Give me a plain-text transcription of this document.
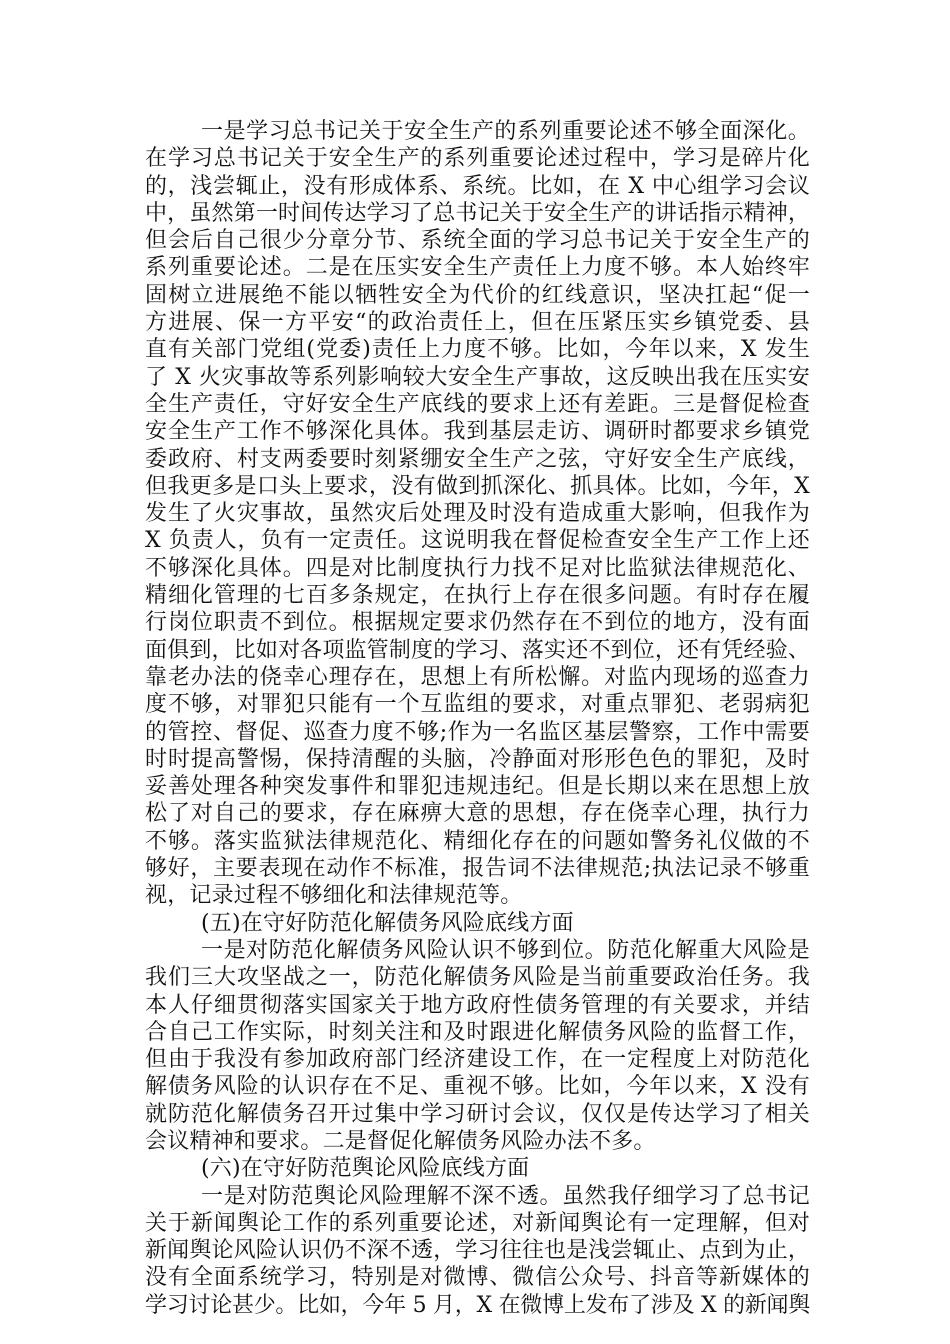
一是学习总书记关于安全生产的系列重要论述不够全面深化。
在学习总书记关于安全生产的系列重要论述过程中，学习是碎片化
的，浅尝辄止，没有形成体系、系统。比如，在 X 中心组学习会议
中，虽然第一时间传达学习了总书记关于安全生产的讲话指示精神，
但会后自己很少分章分节、系统全面的学习总书记关于安全生产的
系列重要论述。二是在压实安全生产责任上力度不够。本人始终牢
固树立进展绝不能以牺牲安全为代价的红线意识，坚决扛起“促一
方进展、保一方平安“的政治责任上，但在压紧压实乡镇党委、县
直有关部门党组(党委)责任上力度不够。比如，今年以来，X 发生
了 X 火灾事故等系列影响较大安全生产事故，这反映出我在压实安
全生产责任，守好安全生产底线的要求上还有差距。三是督促检查
安全生产工作不够深化具体。我到基层走访、调研时都要求乡镇党
委政府、村支两委要时刻紧绷安全生产之弦，守好安全生产底线，
但我更多是口头上要求，没有做到抓深化、抓具体。比如，今年，X
发生了火灾事故，虽然灾后处理及时没有造成重大影响，但我作为
X 负责人，负有一定责任。这说明我在督促检查安全生产工作上还
不够深化具体。四是对比制度执行力找不足对比监狱法律规范化、
精细化管理的七百多条规定，在执行上存在很多问题。有时存在履
行岗位职责不到位。根据规定要求仍然存在不到位的地方，没有面
面俱到，比如对各项监管制度的学习、落实还不到位，还有凭经验、
靠老办法的侥幸心理存在，思想上有所松懈。对监内现场的巡查力
度不够，对罪犯只能有一个互监组的要求，对重点罪犯、老弱病犯
的管控、督促、巡查力度不够;作为一名监区基层警察，工作中需要
时时提高警惕，保持清醒的头脑，冷静面对形形色色的罪犯，及时
妥善处理各种突发事件和罪犯违规违纪。但是长期以来在思想上放
松了对自己的要求，存在麻痹大意的思想，存在侥幸心理，执行力
不够。落实监狱法律规范化、精细化存在的问题如警务礼仪做的不
够好，主要表现在动作不标准，报告词不法律规范;执法记录不够重
视，记录过程不够细化和法律规范等。
(五)在守好防范化解债务风险底线方面
一是对防范化解债务风险认识不够到位。防范化解重大风险是
我们三大攻坚战之一，防范化解债务风险是当前重要政治任务。我
本人仔细贯彻落实国家关于地方政府性债务管理的有关要求，并结
合自己工作实际，时刻关注和及时跟进化解债务风险的监督工作，
但由于我没有参加政府部门经济建设工作，在一定程度上对防范化
解债务风险的认识存在不足、重视不够。比如，今年以来，X 没有
就防范化解债务召开过集中学习研讨会议，仅仅是传达学习了相关
会议精神和要求。二是督促化解债务风险办法不多。
(六)在守好防范舆论风险底线方面
一是对防范舆论风险理解不深不透。虽然我仔细学习了总书记
关于新闻舆论工作的系列重要论述，对新闻舆论有一定理解，但对
新闻舆论风险认识仍不深不透，学习往往也是浅尝辄止、点到为止，
没有全面系统学习，特别是对微博、微信公众号、抖音等新媒体的
学习讨论甚少。比如，今年 5 月，X 在微博上发布了涉及 X 的新闻舆
